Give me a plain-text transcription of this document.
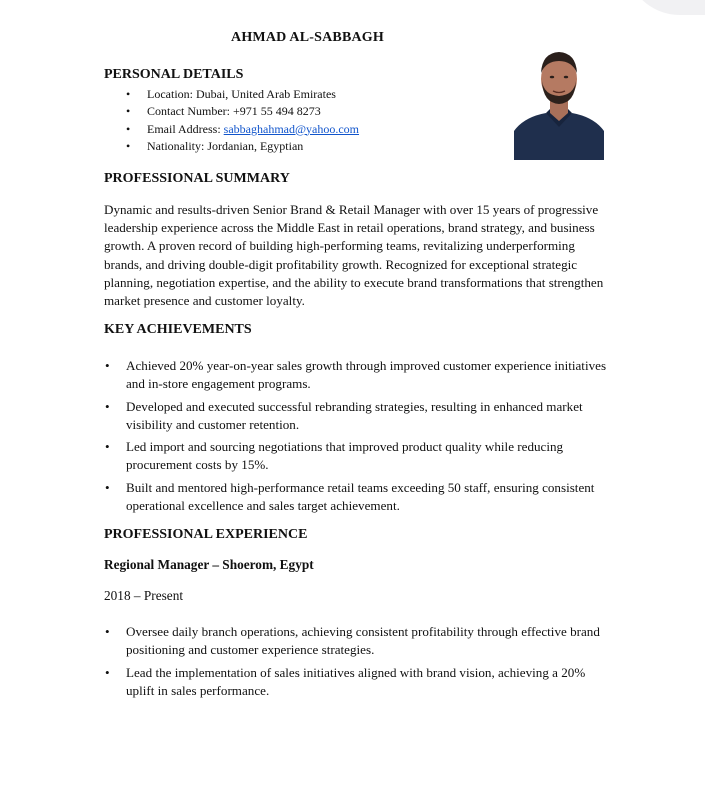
AHMAD AL-SABBAGH
PERSONAL DETAILS
• Location: Dubai, United Arab Emirates
• Contact Number: +971 55 494 8273
• Email Address: sabbaghahmad@yahoo.com
• Nationality: Jordanian, Egyptian
PROFESSIONAL SUMMARY

Dynamic and results-driven Senior Brand & Retail Manager with over 15 years of progressive leadership experience across the Middle East in retail operations, brand strategy, and business growth. A proven record of building high-performing teams, revitalizing underperforming brands, and driving double-digit profitability growth. Recognized for exceptional strategic planning, negotiation expertise, and the ability to execute brand transformations that strengthen market presence and customer loyalty.

KEY ACHIEVEMENTS
• Achieved 20% year-on-year sales growth through improved customer experience initiatives and in-store engagement programs.
• Developed and executed successful rebranding strategies, resulting in enhanced market visibility and customer retention.
• Led import and sourcing negotiations that improved product quality while reducing procurement costs by 15%.
• Built and mentored high-performance retail teams exceeding 50 staff, ensuring consistent operational excellence and sales target achievement.
PROFESSIONAL EXPERIENCE
Regional Manager – Shoerom, Egypt
2018 – Present
• Oversee daily branch operations, achieving consistent profitability through effective brand positioning and customer experience strategies.
• Lead the implementation of sales initiatives aligned with brand vision, achieving a 20% uplift in sales performance.
